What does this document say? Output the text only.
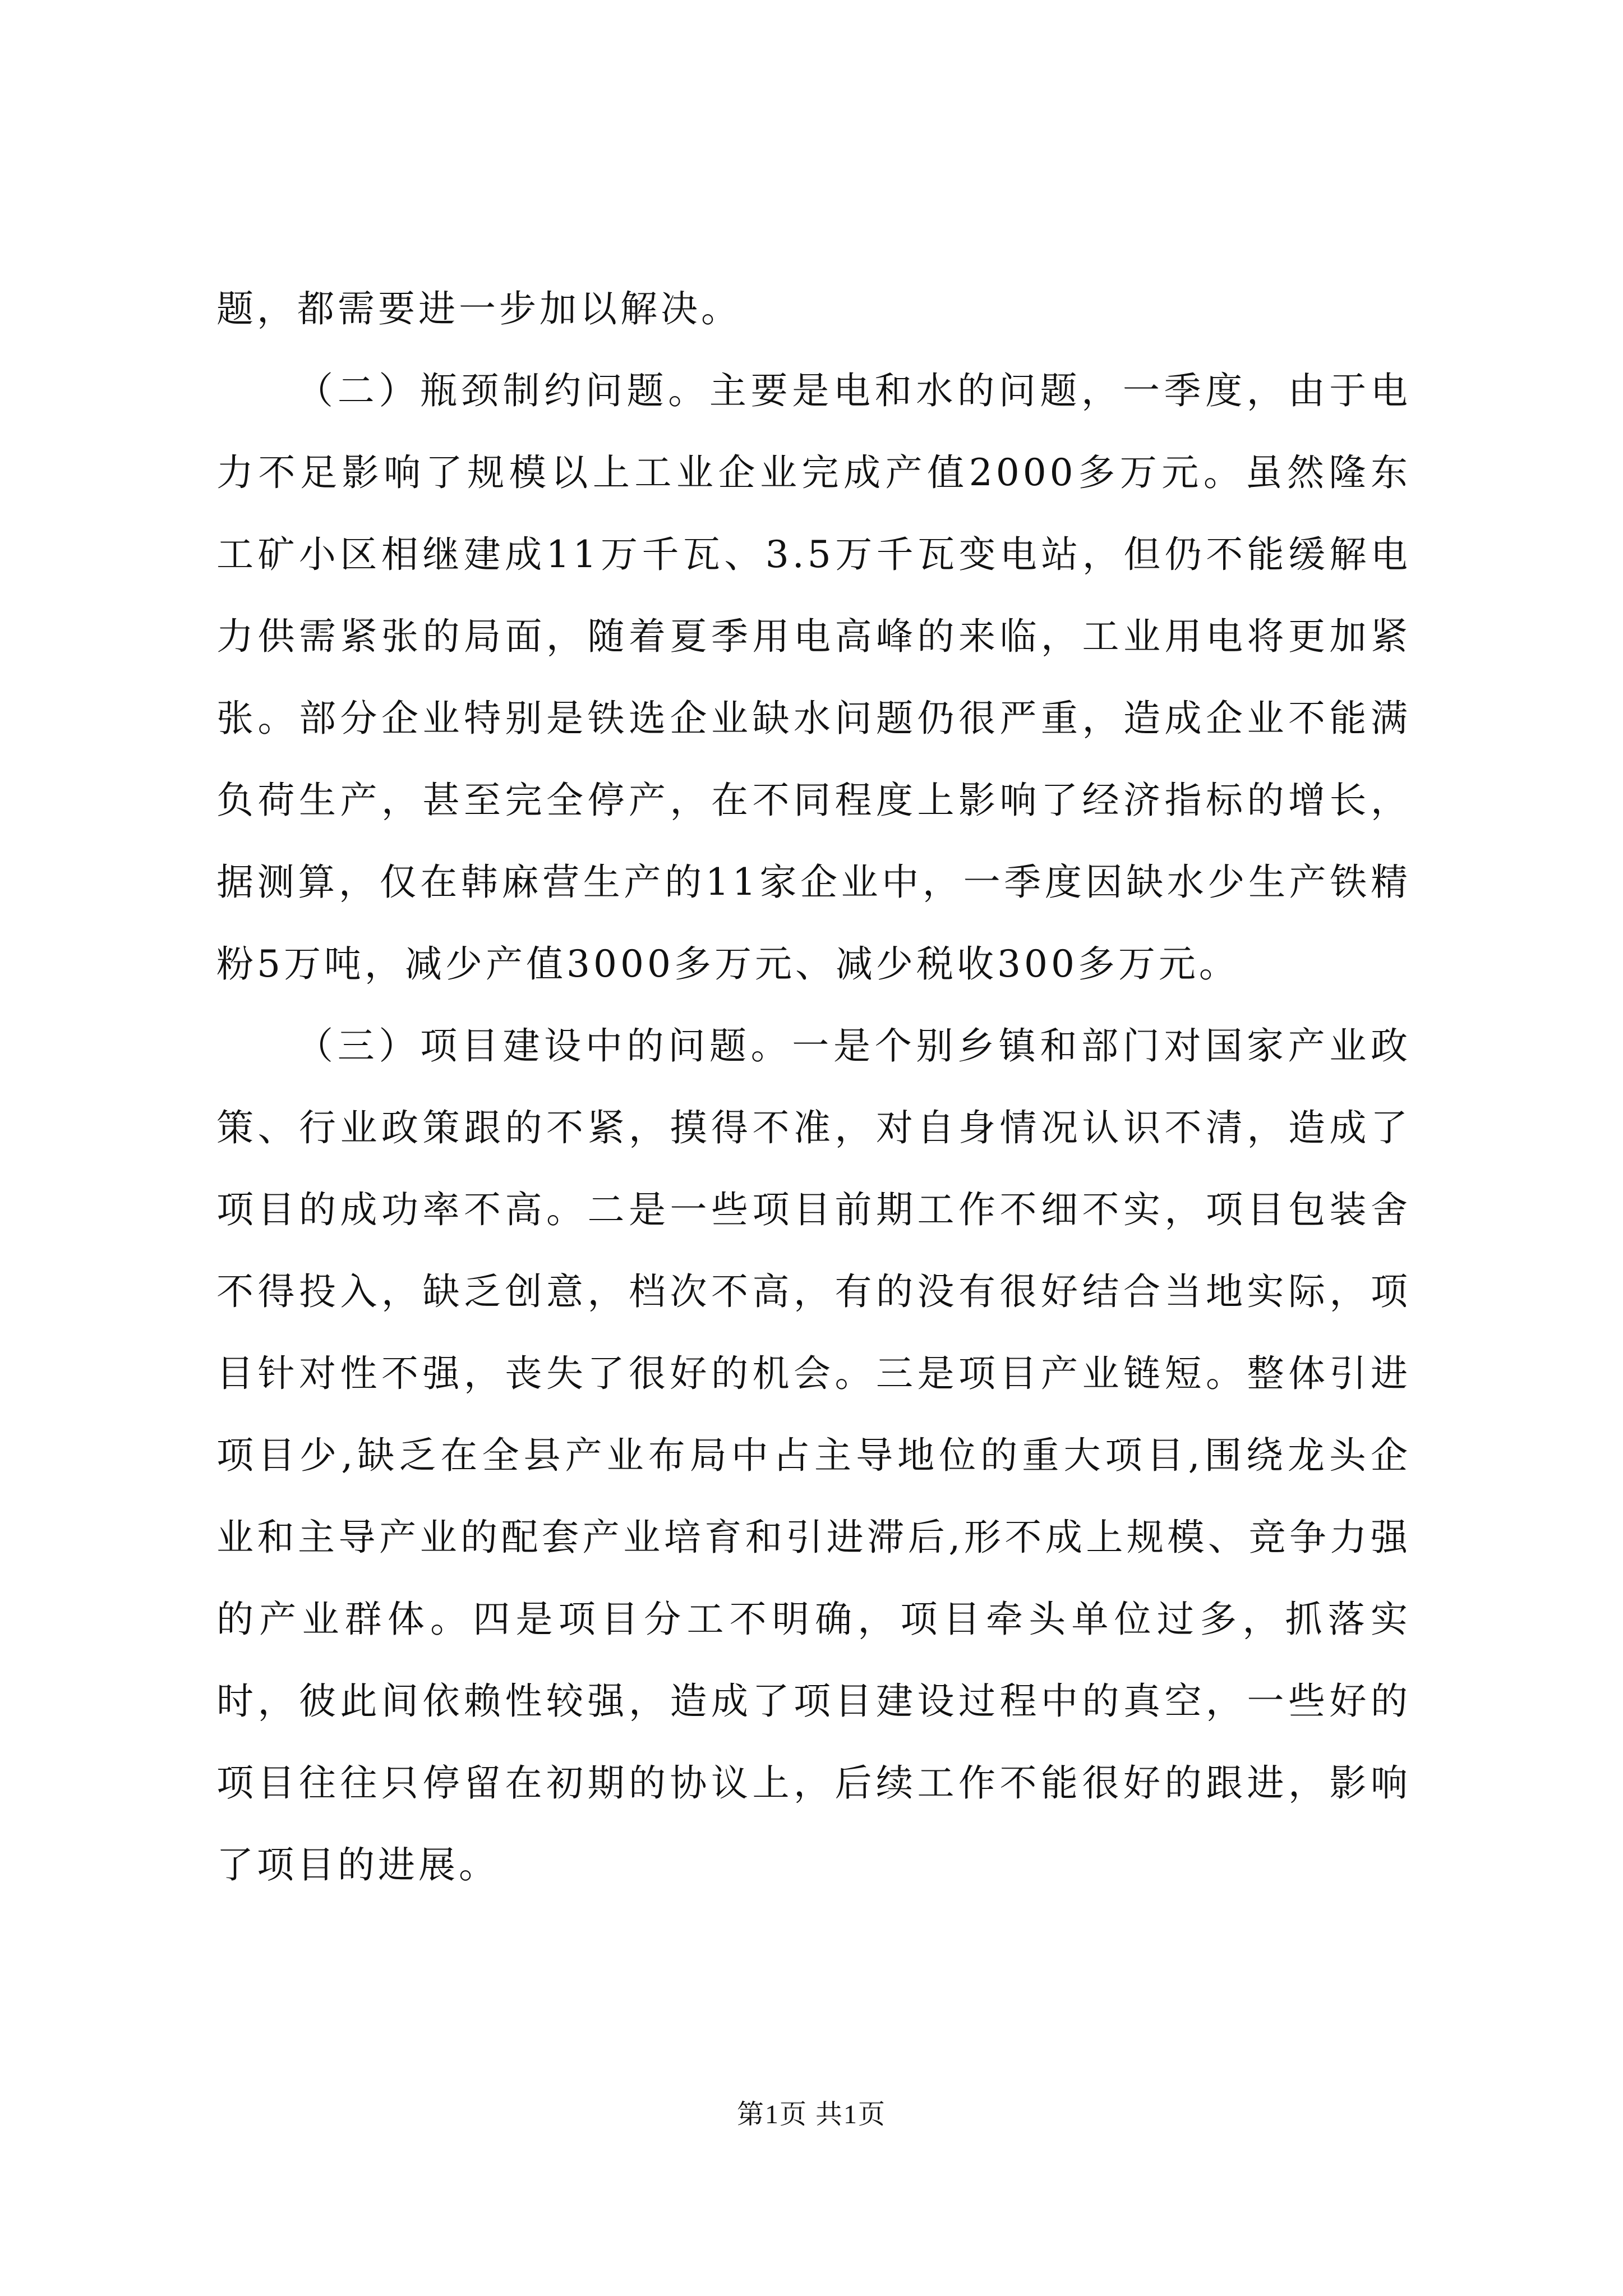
题，都需要进一步加以解决。

（二）瓶颈制约问题。主要是电和水的问题，一季度，由于电力不足影响了规模以上工业企业完成产值2000多万元。虽然隆东工矿小区相继建成11万千瓦、3.5万千瓦变电站，但仍不能缓解电力供需紧张的局面，随着夏季用电高峰的来临，工业用电将更加紧张。部分企业特别是铁选企业缺水问题仍很严重，造成企业不能满负荷生产，甚至完全停产，在不同程度上影响了经济指标的增长，据测算，仅在韩麻营生产的11家企业中，一季度因缺水少生产铁精粉5万吨，减少产值3000多万元、减少税收300多万元。

（三）项目建设中的问题。一是个别乡镇和部门对国家产业政策、行业政策跟的不紧，摸得不准，对自身情况认识不清，造成了项目的成功率不高。二是一些项目前期工作不细不实，项目包装舍不得投入，缺乏创意，档次不高，有的没有很好结合当地实际，项目针对性不强，丧失了很好的机会。三是项目产业链短。整体引进项目少,缺乏在全县产业布局中占主导地位的重大项目,围绕龙头企业和主导产业的配套产业培育和引进滞后,形不成上规模、竞争力强的产业群体。四是项目分工不明确，项目牵头单位过多，抓落实时，彼此间依赖性较强，造成了项目建设过程中的真空，一些好的项目往往只停留在初期的协议上，后续工作不能很好的跟进，影响了项目的进展。

第1页 共1页
